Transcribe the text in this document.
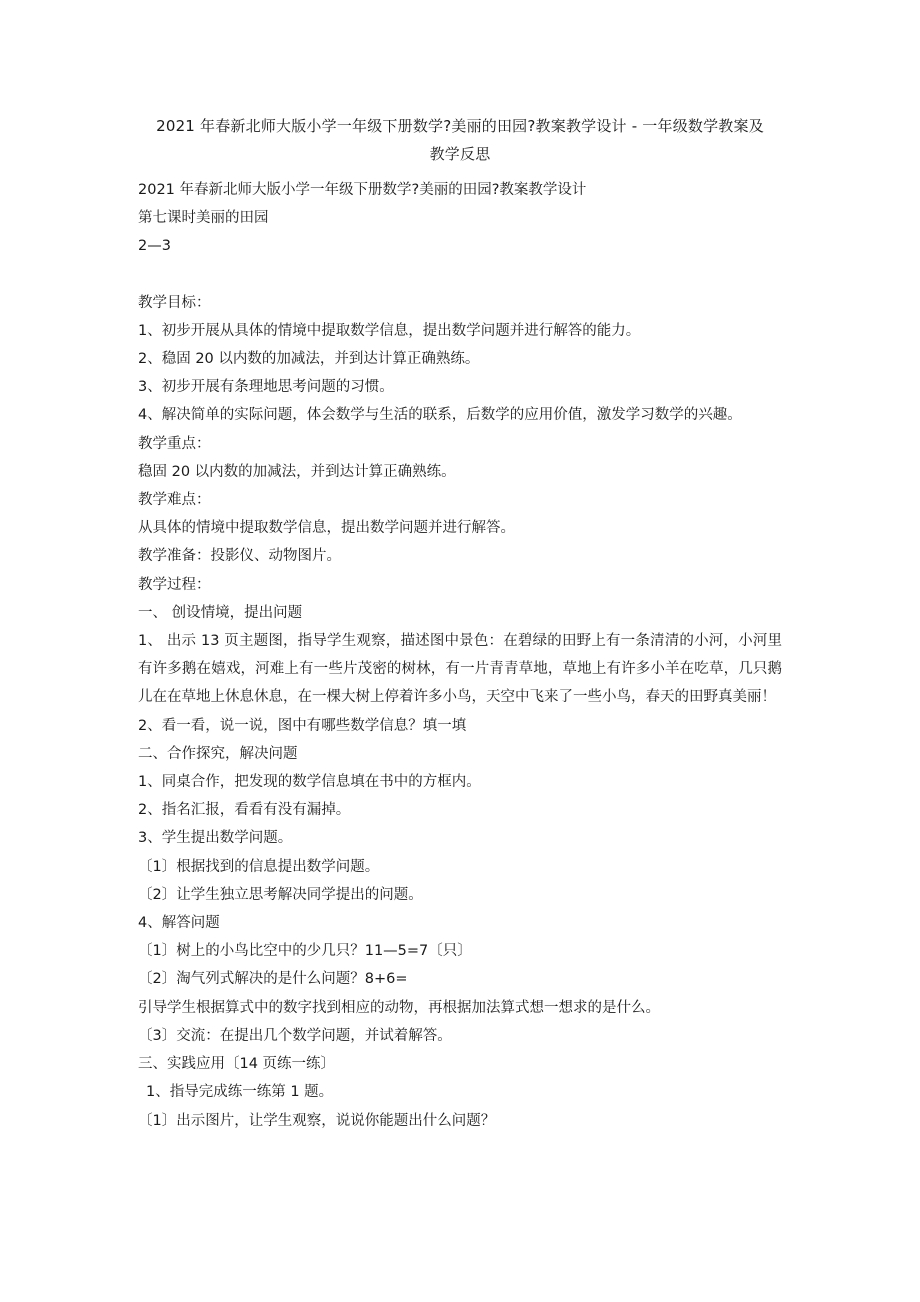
2021 年春新北师大版小学一年级下册数学?美丽的田园?教案教学设计 - 一年级数学教案及
教学反思

2021 年春新北师大版小学一年级下册数学?美丽的田园?教案教学设计

第七课时美丽的田园

2—3

教学目标：

1、初步开展从具体的情境中提取数学信息，提出数学问题并进行解答的能力。

2、稳固 20 以内数的加减法，并到达计算正确熟练。

3、初步开展有条理地思考问题的习惯。

4、解决简单的实际问题，体会数学与生活的联系，后数学的应用价值，激发学习数学的兴趣。

教学重点：

稳固 20 以内数的加减法，并到达计算正确熟练。

教学难点：

从具体的情境中提取数学信息，提出数学问题并进行解答。

教学准备：投影仪、动物图片。

教学过程：

一、 创设情境，提出问题

1、 出示 13 页主题图，指导学生观察，描述图中景色：在碧绿的田野上有一条清清的小河，小河里有许多鹅在嬉戏，河难上有一些片茂密的树林，有一片青青草地，草地上有许多小羊在吃草，几只鹅儿在在草地上休息休息，在一棵大树上停着许多小鸟，天空中飞来了一些小鸟，春天的田野真美丽！

2、看一看，说一说，图中有哪些数学信息？填一填

二、合作探究，解决问题

1、同桌合作，把发现的数学信息填在书中的方框内。

2、指名汇报，看看有没有漏掉。

3、学生提出数学问题。

〔1〕根据找到的信息提出数学问题。

〔2〕让学生独立思考解决同学提出的问题。

4、解答问题

〔1〕树上的小鸟比空中的少几只？11—5=7〔只〕

〔2〕淘气列式解决的是什么问题？8+6=

引导学生根据算式中的数字找到相应的动物，再根据加法算式想一想求的是什么。

〔3〕交流：在提出几个数学问题，并试着解答。

三、实践应用〔14 页练一练〕

1、指导完成练一练第 1 题。

〔1〕出示图片，让学生观察，说说你能题出什么问题？
